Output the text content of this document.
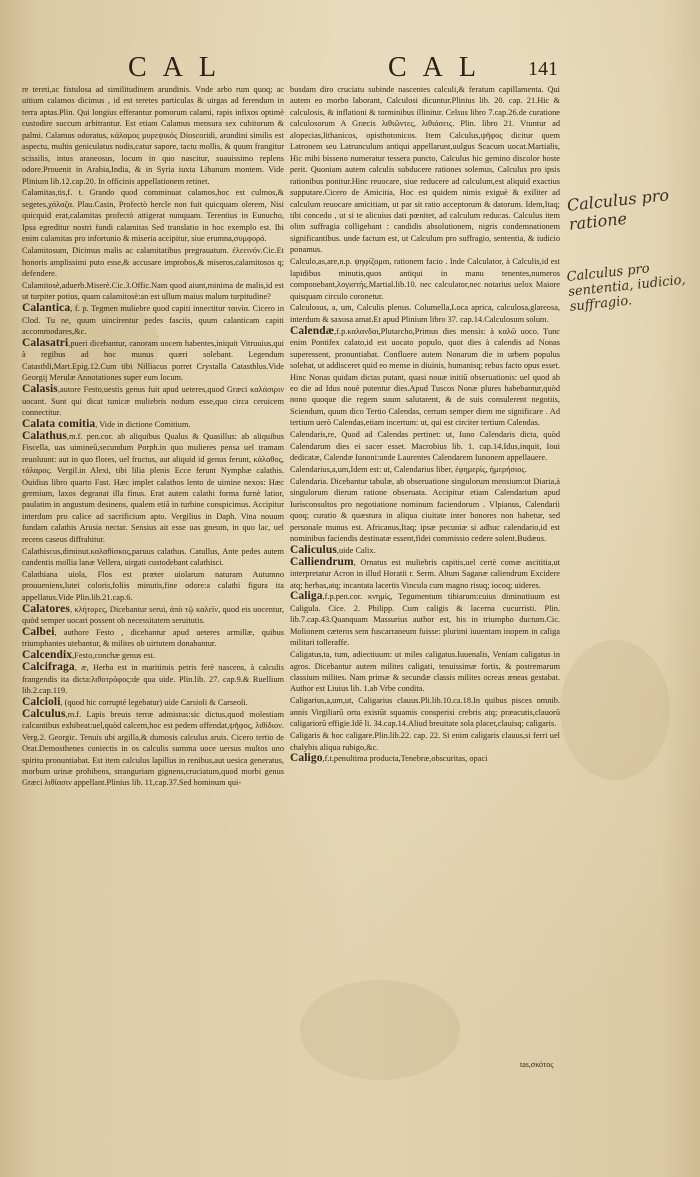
CAL	CAL 141

re tereti,ac fistulosa ad similitudinem arundinis. Vnde arbo rum quoq; ac uitium calamos dicimus , id est teretes particulas & uirgas ad ferendum in terra aptas.Plin. Qui longius efferantur pomorum calami, rapis infixos optimè custodire succum arbitrantur. Est etiam Calamus mensura sex cubitorum & palmi. Calamus odoratus, κάλαμος μυρεψικός Dioscoridi, arundini similis est aspectu, multis geniculatus nodis,catur sapore, tactu mollis, & quum frangitur scissilis, intus araneosus, locum in quo nascitur, suauissimo replens odore.Prouenit in Arabia,India, & in Syria iuxta Libanum montem. Vide Plinium lib.12.cap.20. In officinis appellationem retinet.

Calamitas,tis,f. t. Grando quod comminuat calamos,hoc est culmos,& segetes,χάλαζα. Plau.Casin, Profectò hercle non fuit quicquam olerem, Nisi quicquid erat,calamitas profectò attigerat nunquam. Terentius in Eunucho, Ipsa egreditur nostri fundi calamitas Sed translatio in hoc exemplo est. Ibi enim calamitas pro infortunio & miseria accipitur, siue erumna,συμφορά.

Calamitosum, Dicimus malis ac calamitatibus pregrauatum. ἐλεεινόν.Cic.Et honoris amplissimi puto esse,& accusare improbos,& miseros,calamitosos q; defendere.

Calamitosè,aduerb.Miserè.Cic.3.Offic.Nam quod aiunt,minima de malis,id est ut turpiter potius, quam calamitosè:an est ullum maius malum turpitudine?

Calantica, f. p. Tegmen muliebre quod capiti innectitur ταινία. Cicero in Clod. Tu ne, quum uincirentur pedes fasciis, quum calanticam capiti accommodares,&c.

Calasatri,pueri dicebantur, canoram uocem habentes,iniquit Vitruuius,qui à regibus ad hoc munus quæri solebant. Legendum Catasthli,Mart.Epig.12.Cum tibi Nilliacus porret Crystalla Catasthlus.Vide Georgij Merulæ Annotationes super eum locum.

Calasis,autore Festo,uestis genus fuit apud ueteres,quod Græci καλάσιριν uocant. Sunt qui dicat tunicæ muliebris nodum esse,quo circa ceruicem connectitur.

Calata comitia, Vide in dictione Comitium.

Calathus,m.f. pen.cor. ab aliquibus Qualus & Quasillus: ab aliquibus Fiscella, uas uimineū,secundum Porph.in quo mulieres pensa uel tramam reuoluunt: aut in quo flores, uel fructus, aut aliquid id genus ferunt, κάλαθος, τάλαρος. Vergil.in Alexi, tibi lilia plenis Ecce ferunt Nymphæ calathis. Ouidius libro quarto Fast. Hæc implet calathos lento de uimine nexos: Hæc gremium, laxos degranat illa finus. Erat autem calathi forma furnè latior, paulatim in angustum desinens, qualem etiā in turbine conspicimus. Accipitur interdum pro calice ad sacrificium apto. Vergilius in Daph. Vina nouum fundam calathis Arusia nectar. Sensius ait esse uas gneum, in quo lac, uel recens caseus diffrahitur.

Calathiscus,diminut.καλαθίσκος,paruus calathus. Catullus, Ante pedes autem candentis mollia lanæ Vellera, uirgati custodebant calathisci.

Calathiana uiola, Flos est præter uiolarum naturam Autumno prouueniens,lutei coloris,foliis minutis,fine odore:a calathi figura ita appellatus.Vide Plin.lib.21.cap.6.

Calatores, κλήτορες, Dicebantur serui, ἀπὸ τῷ καλεῖν, quod eis uocentur, quòd semper uocari possent ob necessitatem seruitutis.

Calbei, authore Festo , dicebantur apud ueteres armillæ, quibus triumphantes utebantur, & milites ob uirtutem donabantur.

Calcendix,Festo,conchæ genus est.

Calcifraga, æ, Herba est in maritimis petris ferè nascens, à calculis frangendis ita dicta:λιθοτρόφος:de qua uide. Plin.lib. 27. cap.9.& Ruellium lib.2.cap.119.

Calcioli, (quod hic corrupté legebatur) uide Carsioli & Carseoli.

Calculus,m.f. Lapis breuis terræ admistus:sic dictus,quod molestiam calcantibus exhibeat:uel,quòd calcem,hoc est pedem offendat,ψῆφος, λιθίδιον. Verg.2. Georgic. Tenuis ubi argilla,& dumosis calculus aruis. Cicero tertio de Orat.Demosthenes coniectis in os calculis summa uoce uersus multos uno spiritu pronuntiabat. Est item calculus lapillus in renibus,aut uesica generatus, morbum urinæ prohibens, stranguriam gignens,cruciatum,quod morbi genus Græci λιθίασιν appellant.Plinius lib. 11,cap.37.Sed hominum qui-

busdam diro cruciatu subinde nascentes calculi,& feratum capillamenta. Qui autem eo morbo laborant, Calculosi dicuntur.Plinius lib. 20. cap. 21.Hic & calculosis, & inflationi & torminibus illinitur. Celsus libro 7.cap.26.de curatione calculosorum A Græcis λιθιῶντες, λιθιάσεις. Plin. libro 21. Vtuntur ad alopecias,lithanicos, opisthotonicos. Item Calculus,ψῆφος dicitur quem Latronem seu Latrunculum antiqui appellarunt,uulgus Scacum uocat.Martialis, Hic mihi bisseno numeratur tessera puncto, Calculus hic gemino discolor hoste perit. Quoniam autem calculis subducere rationes solemus, Calculus pro ipsis rationibus ponitur.Hinc reuocare, siue reducere ad calculum,est aliquid exactius supputare.Cicero de Amicitia, Hoc est quidem nimis exiguè & exiliter ad calculum reuocare amicitiam, ut par sit ratio acceptorum & datorum. Idem,Itaq; tibi concedo , ut si te alicuius dati pœnitet, ad calculum reducas. Calculus item olim suffragia colligebant : candidis absolutionem, nigris condemnationem significantibus. unde factum est, ut Calculum pro suffragio, sententia, & iudicio ponamus.

Calculo,as,are,n.p. ψηφίζομαι, rationem facio . Inde Calculator, à Calculis,id est lapidibus minutis,quos antiqui in manu tenentes,numeros componebant,λογιστής.Martial.lib.10. nec calculator,nec notarius uelox Maiore quisquam circulo coronetur.

Calculosus, a, um, Calculis plenus. Columella,Loca aprica, calculosa,glareosa, interdum & saxosa amat.Et apud Plinium libro 37. cap.14.Calculosum solum.

Calendæ,f.p.καλανδαι,Plutarcho,Primus dies mensis: à καλῶ uoco. Tunc enim Pontifex calato,id est uocato populo, quot dies à calendis ad Nonas superessent, pronuntiabat. Confluere autem Nonarum die in urbem populus solebat, ut addisceret quid eo mense in diuinis, humanisq; rebus facto opus esset. Hinc Nonas quidam dictas putant, quasi nouæ initiū obseruationis: uel quod ab eo die ad Idus nouè putentur dies.Apud Tuscos Nonæ plures habebantur,quòd nono quoque die regem suum salutarent, & de suis consulerent negotiis, Sciendum, quum dico Tertio Calendas, certum semper diem me significare . Ad tertium uerò Calendas,etiam incertum: ut, qui est circiter tertium Calendas.

Calendaris,re, Quod ad Calendas pertinet: ut, Iuno Calendaris dicta, quòd Calendarum dies ei sacer esset. Macrobius lib. 1. cap.14.Idus,inquit, Ioui dedicatæ, Calendæ Iunoni:unde Laurentes Calendarem Iunonem appellauere.

Calendarius,a,um,Idem est: ut, Calendarius liber, ἐφημερὶς, ἡμερήσιος.

Calendaria. Dicebantur tabulæ, ab obseruatione singulorum mensium:ut Diaria,à singulorum dierum ratione obseruata. Accipitur etiam Calendarium apud Iurisconsultos pro negotiatione nominum faciendorum . Vlpianus, Calendarii quoq; curatio & quæstura in aliqua ciuitate inter honores non habetur, sed personale munus est. Africanus,Itaq; ipsæ pecuniæ si adhuc calendario,id est nominibus faciendis destinatæ essent,fidei commissio cedere solent.Budæus.

Caliculus,uide Calix.

Calliendrum, Ornatus est muliebris capitis,uel certè comæ ascititia,ut interpretatur Acron in illud Horatii r. Serm. Altum Saganæ caliendrum Excidere atq; herbas,atq; incantata lacertis Vincula cum magno risuq; iocoq; uideres.

Caliga,f.p.pen.cor. κνημίς, Tegumentum tibiarum:cuius diminutiuum est Caligula. Cice. 2. Philipp. Cum caligis & lacerna cucurristi. Plin. lib.7.cap.43.Quanquam Massurius author est, bis in triumpho ductum.Cic. Molionem cæteros sem fuscarraneum fuisse: plurimi iuuentam inopem in caliga militari tolleraffe.

Caligatus,ta, tum, adiectiuum: ut miles caligatus.Iuuenalis, Veniam caligatus in agros. Dicebantur autem milites caligati, tenuissimæ fortis, & postremarum classium milites. Nam primæ & secundæ classis milites ocreas æneas gestabat. Author est Liuius lib. 1.ab Vrbe condita.

Caligarius,a,um,ut, Caligarius clauus.Pli.lib.10.ca.18.In quibus pisces omnib. annis Virgiliarū ortu existūt squamis consperisi crebris atq; præacutis,clauorū caligariorū effigie.Idē li. 34.cap.14.Aliud breuitate sola placet,clauisq; caligaris.

Caligaris & hoc caligare.Plin.lib.22. cap. 22. Si enim caligaris clauus,si ferri uel chalybis aliqua rubigo,&c.

Caligo,f.t.penultima producta,Tenebræ,obscuritas, opaci

Calculus pro ratione
Calculus pro sententia, iudicio, suffragio.
tas,σκότος
